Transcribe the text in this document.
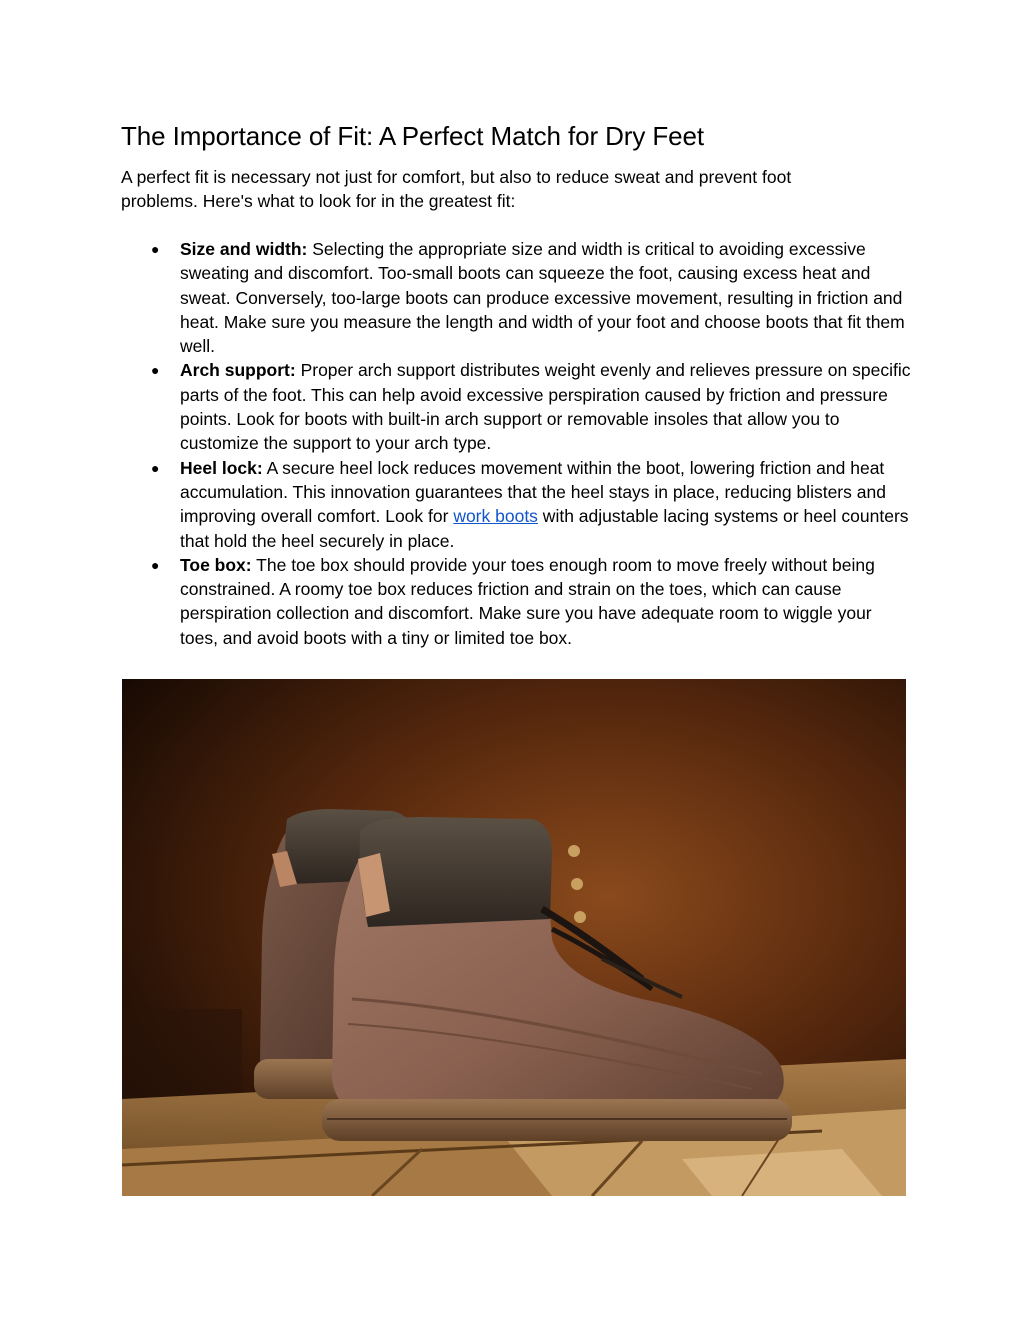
The Importance of Fit: A Perfect Match for Dry Feet

A perfect fit is necessary not just for comfort, but also to reduce sweat and prevent foot problems. Here's what to look for in the greatest fit:

● Size and width: Selecting the appropriate size and width is critical to avoiding excessive sweating and discomfort. Too-small boots can squeeze the foot, causing excess heat and sweat. Conversely, too-large boots can produce excessive movement, resulting in friction and heat. Make sure you measure the length and width of your foot and choose boots that fit them well.
● Arch support: Proper arch support distributes weight evenly and relieves pressure on specific parts of the foot. This can help avoid excessive perspiration caused by friction and pressure points. Look for boots with built-in arch support or removable insoles that allow you to customize the support to your arch type.
● Heel lock: A secure heel lock reduces movement within the boot, lowering friction and heat accumulation. This innovation guarantees that the heel stays in place, reducing blisters and improving overall comfort. Look for work boots with adjustable lacing systems or heel counters that hold the heel securely in place.
● Toe box: The toe box should provide your toes enough room to move freely without being constrained. A roomy toe box reduces friction and strain on the toes, which can cause perspiration collection and discomfort. Make sure you have adequate room to wiggle your toes, and avoid boots with a tiny or limited toe box.
